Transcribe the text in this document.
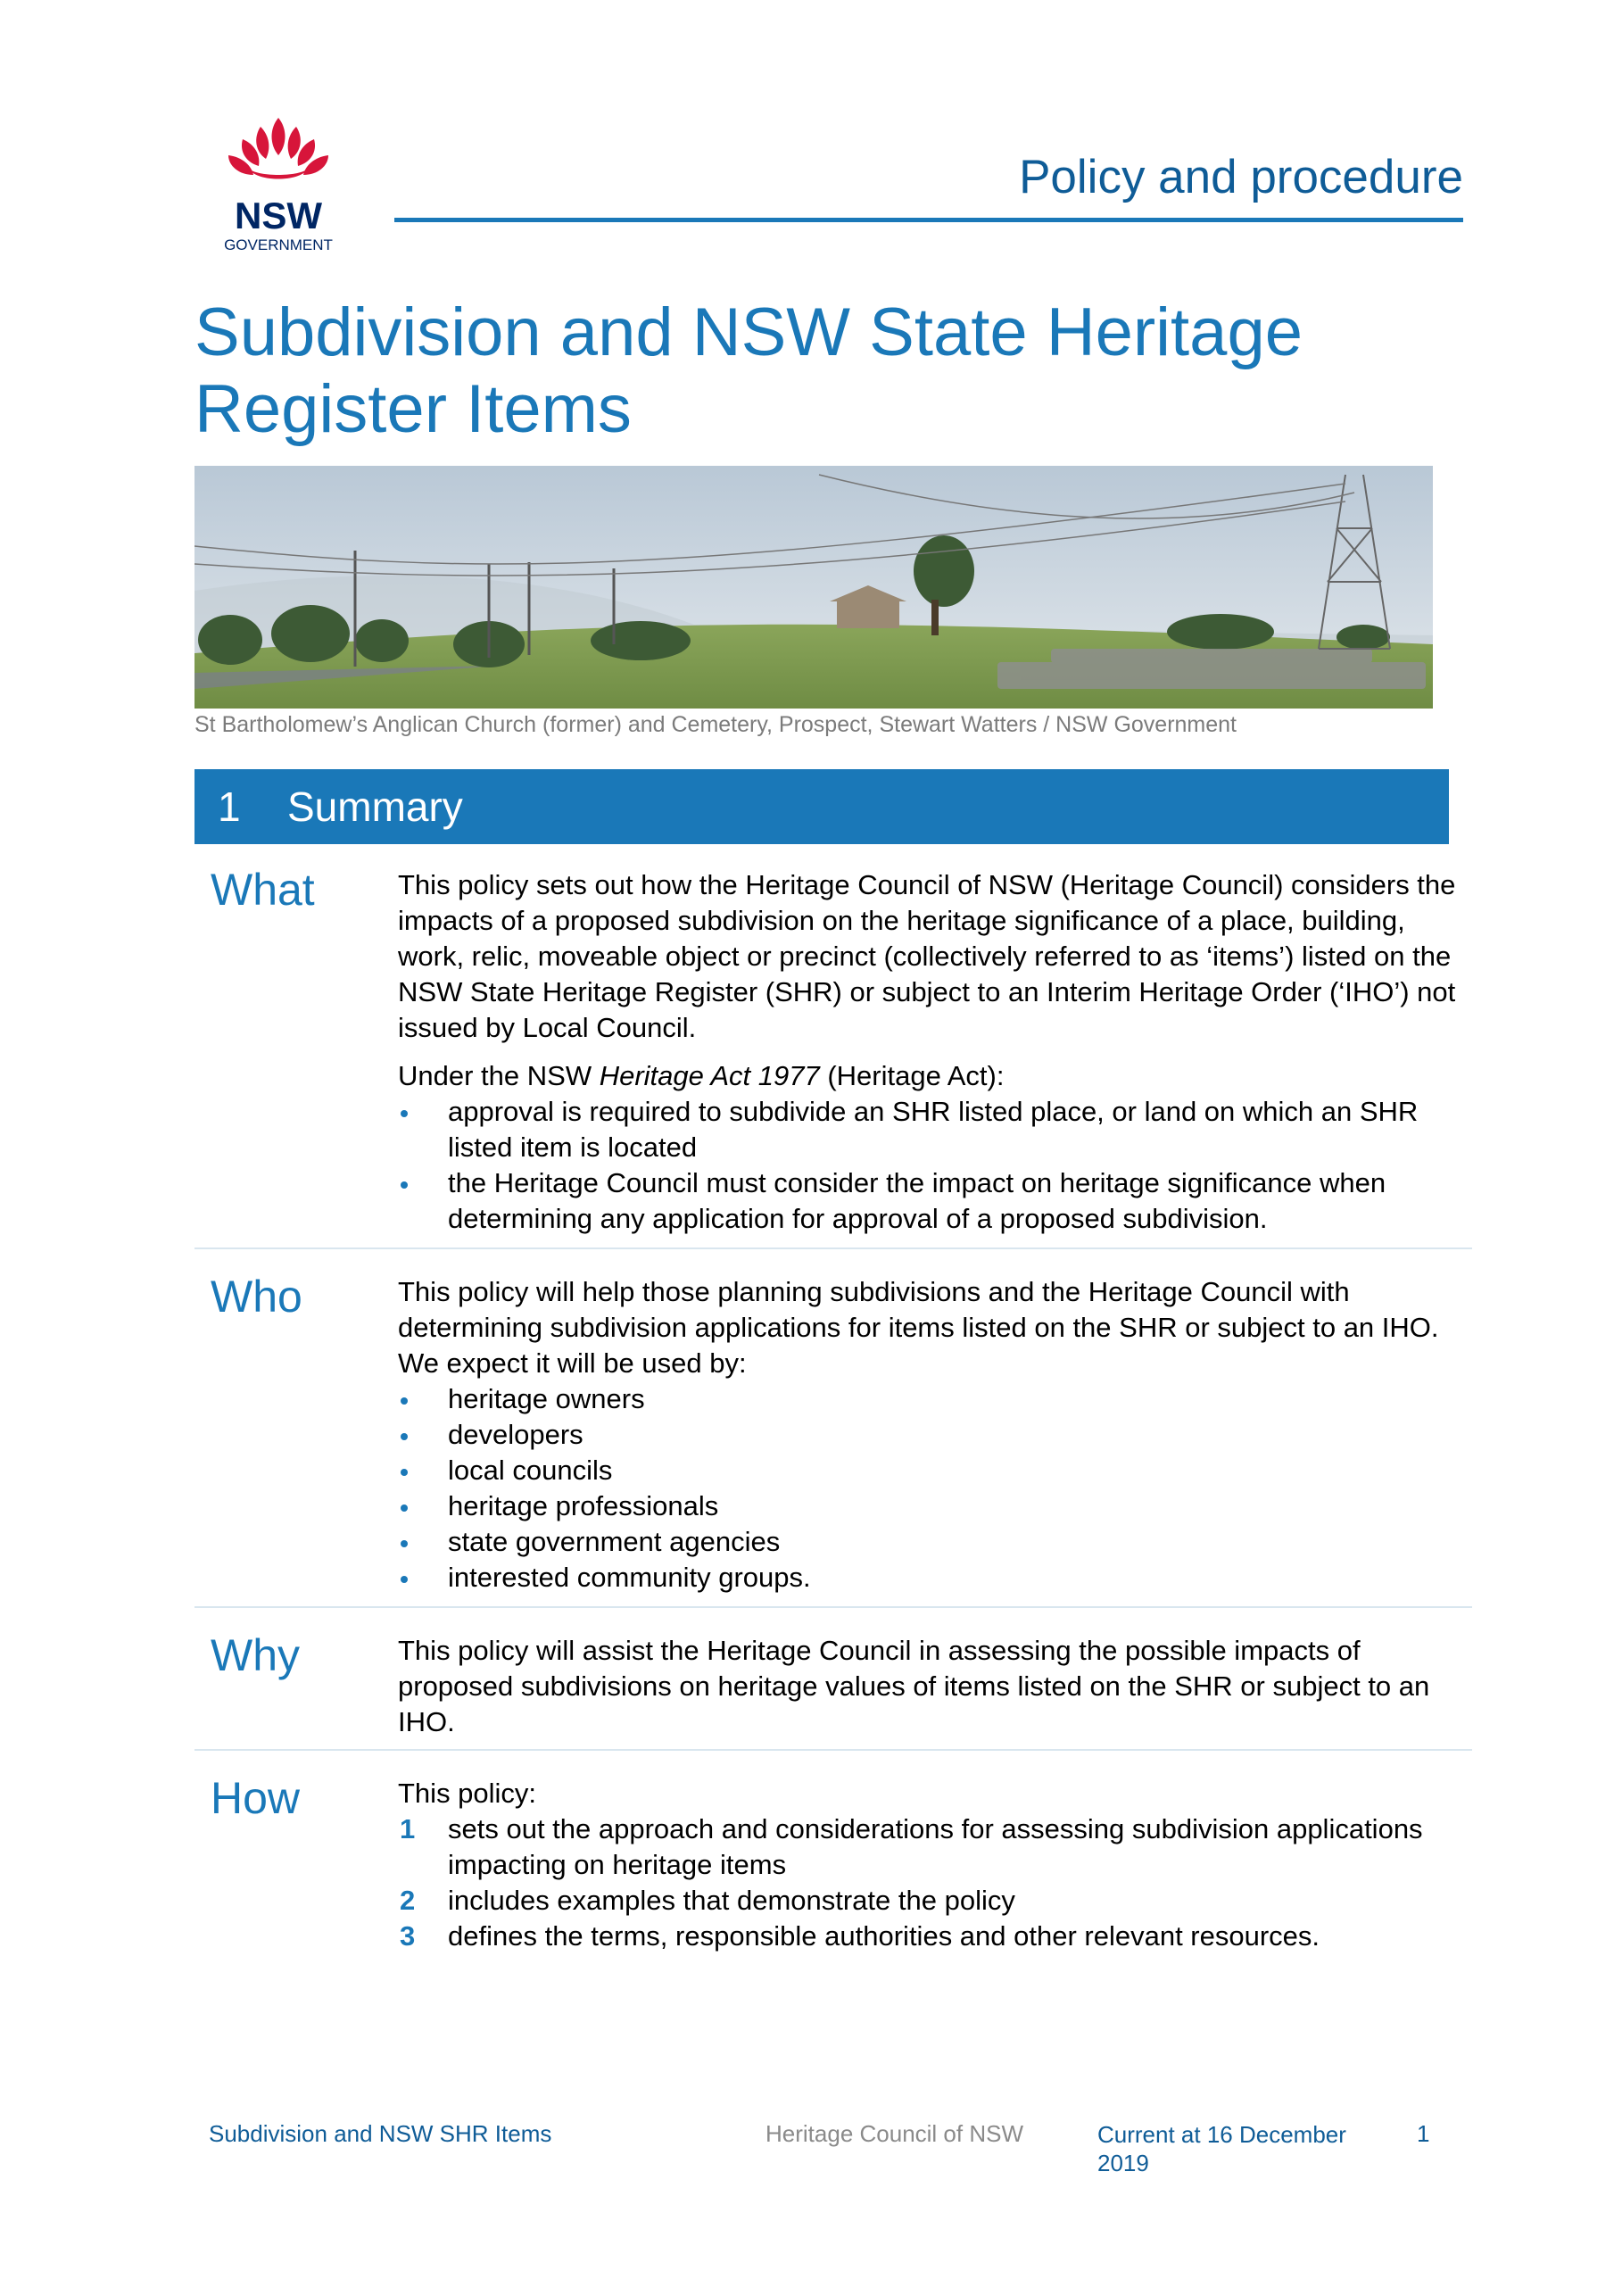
NSW
GOVERNMENT
Policy and procedure
Subdivision and NSW State Heritage Register Items
St Bartholomew’s Anglican Church (former) and Cemetery, Prospect, Stewart Watters / NSW Government
1 Summary
What	This policy sets out how the Heritage Council of NSW (Heritage Council) considers the impacts of a proposed subdivision on the heritage significance of a place, building, work, relic, moveable object or precinct (collectively referred to as ‘items’) listed on the NSW State Heritage Register (SHR) or subject to an Interim Heritage Order (‘IHO’) not issued by Local Council.

Under the NSW Heritage Act 1977 (Heritage Act):

approval is required to subdivide an SHR listed place, or land on which an SHR listed item is located
the Heritage Council must consider the impact on heritage significance when determining any application for approval of a proposed subdivision.
Who	This policy will help those planning subdivisions and the Heritage Council with determining subdivision applications for items listed on the SHR or subject to an IHO. We expect it will be used by:

heritage owners
developers
local councils
heritage professionals
state government agencies
interested community groups.
Why	This policy will assist the Heritage Council in assessing the possible impacts of proposed subdivisions on heritage values of items listed on the SHR or subject to an IHO.

How	This policy:

1 sets out the approach and considerations for assessing subdivision applications impacting on heritage items
2 includes examples that demonstrate the policy
3 defines the terms, responsible authorities and other relevant resources.
Subdivision and NSW SHR Items	Heritage Council of NSW	Current at 16 December
2019
1
